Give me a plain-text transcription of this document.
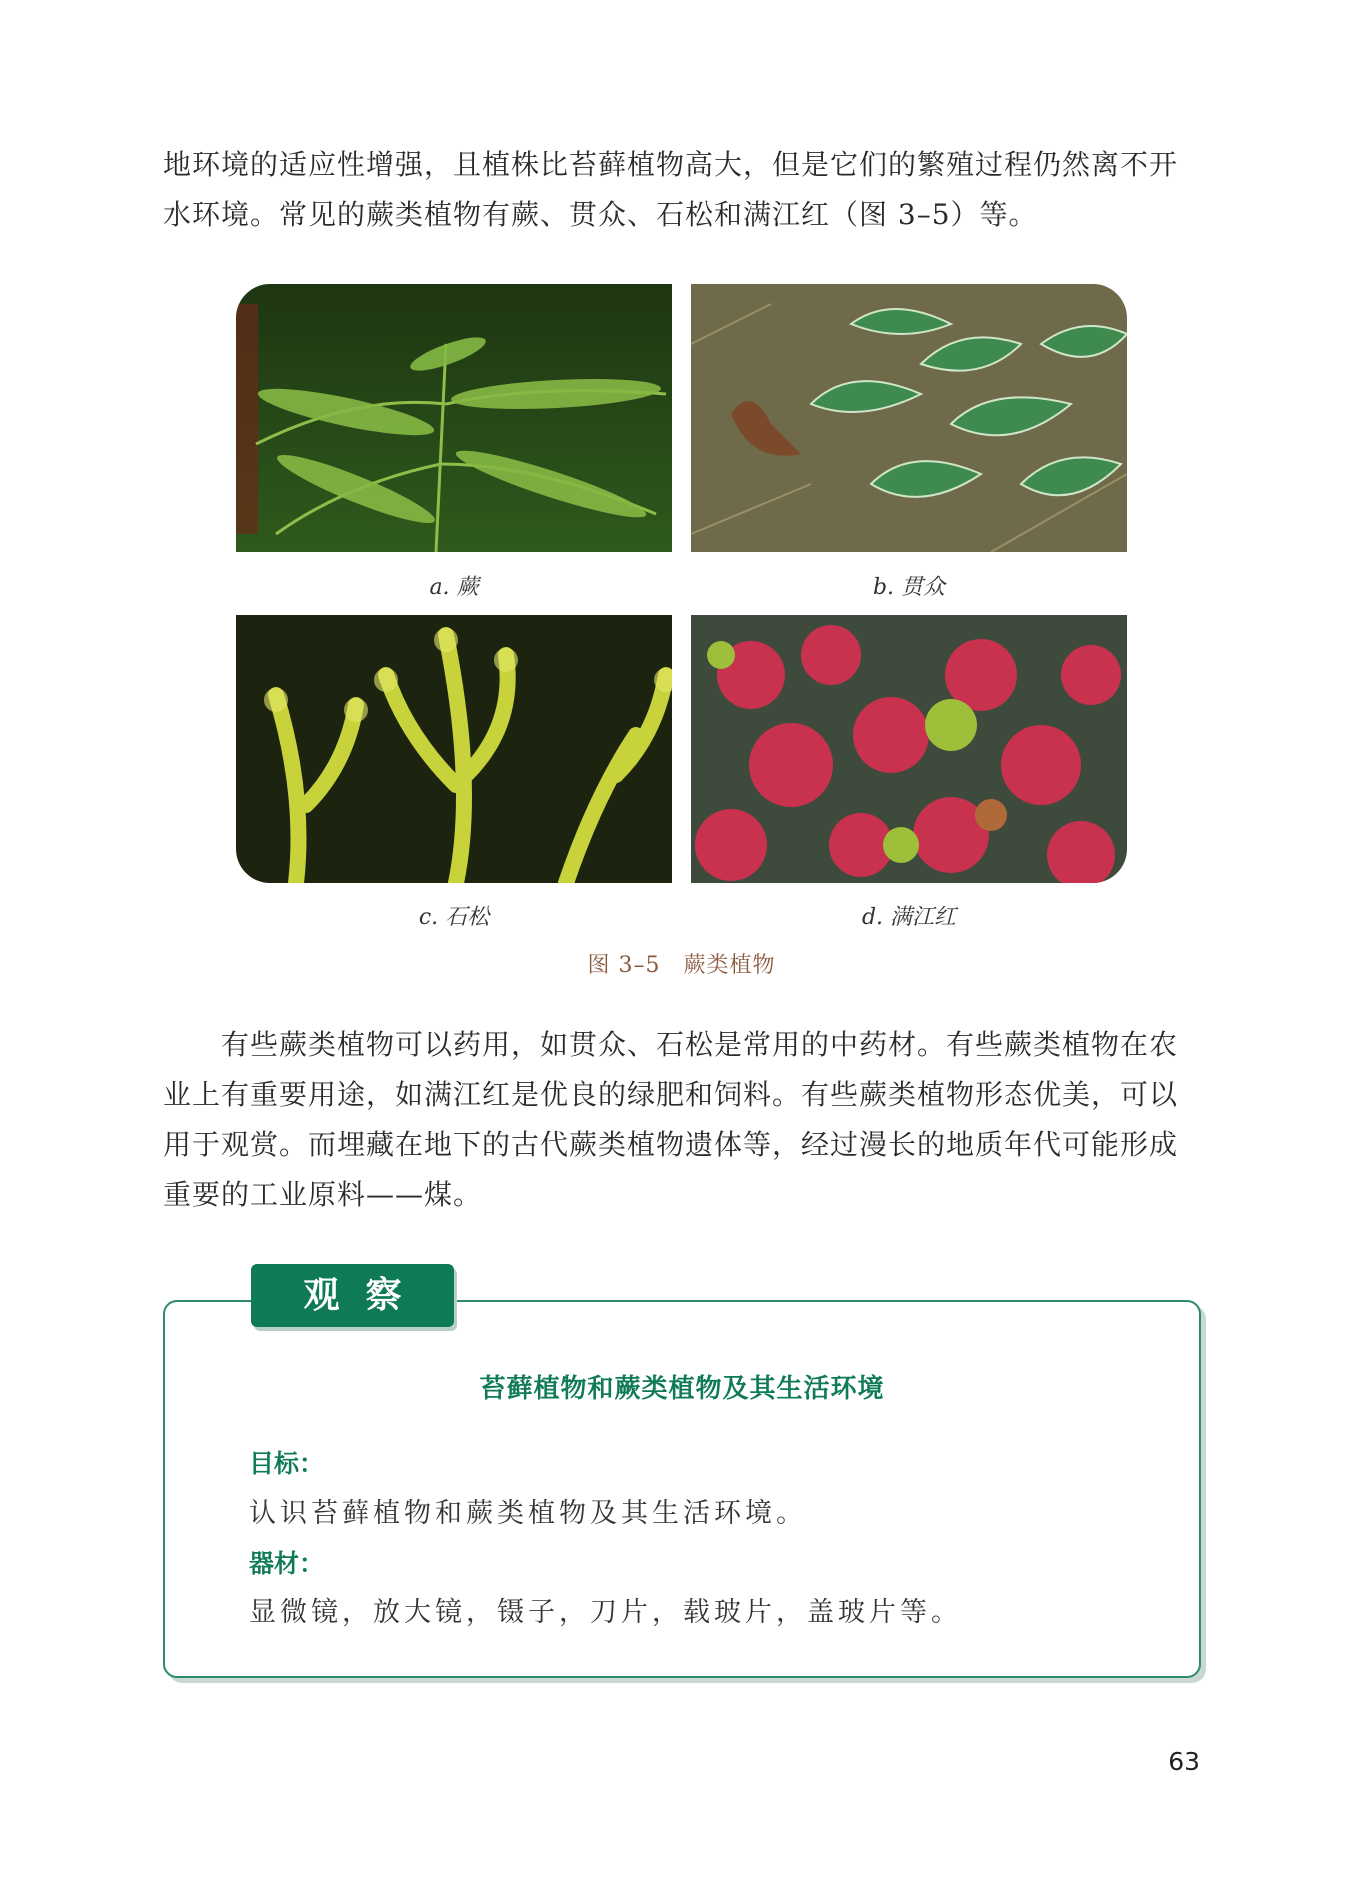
地环境的适应性增强，且植株比苔藓植物高大，但是它们的繁殖过程仍然离不开水环境。常见的蕨类植物有蕨、贯众、石松和满江红（图 3–5）等。

a. 蕨	b. 贯众
c. 石松	d. 满江红
图 3–5　蕨类植物

有些蕨类植物可以药用，如贯众、石松是常用的中药材。有些蕨类植物在农业上有重要用途，如满江红是优良的绿肥和饲料。有些蕨类植物形态优美，可以用于观赏。而埋藏在地下的古代蕨类植物遗体等，经过漫长的地质年代可能形成重要的工业原料——煤。

观察
苔藓植物和蕨类植物及其生活环境
目标：
认识苔藓植物和蕨类植物及其生活环境。
器材：
显微镜，放大镜，镊子，刀片，载玻片，盖玻片等。
63
